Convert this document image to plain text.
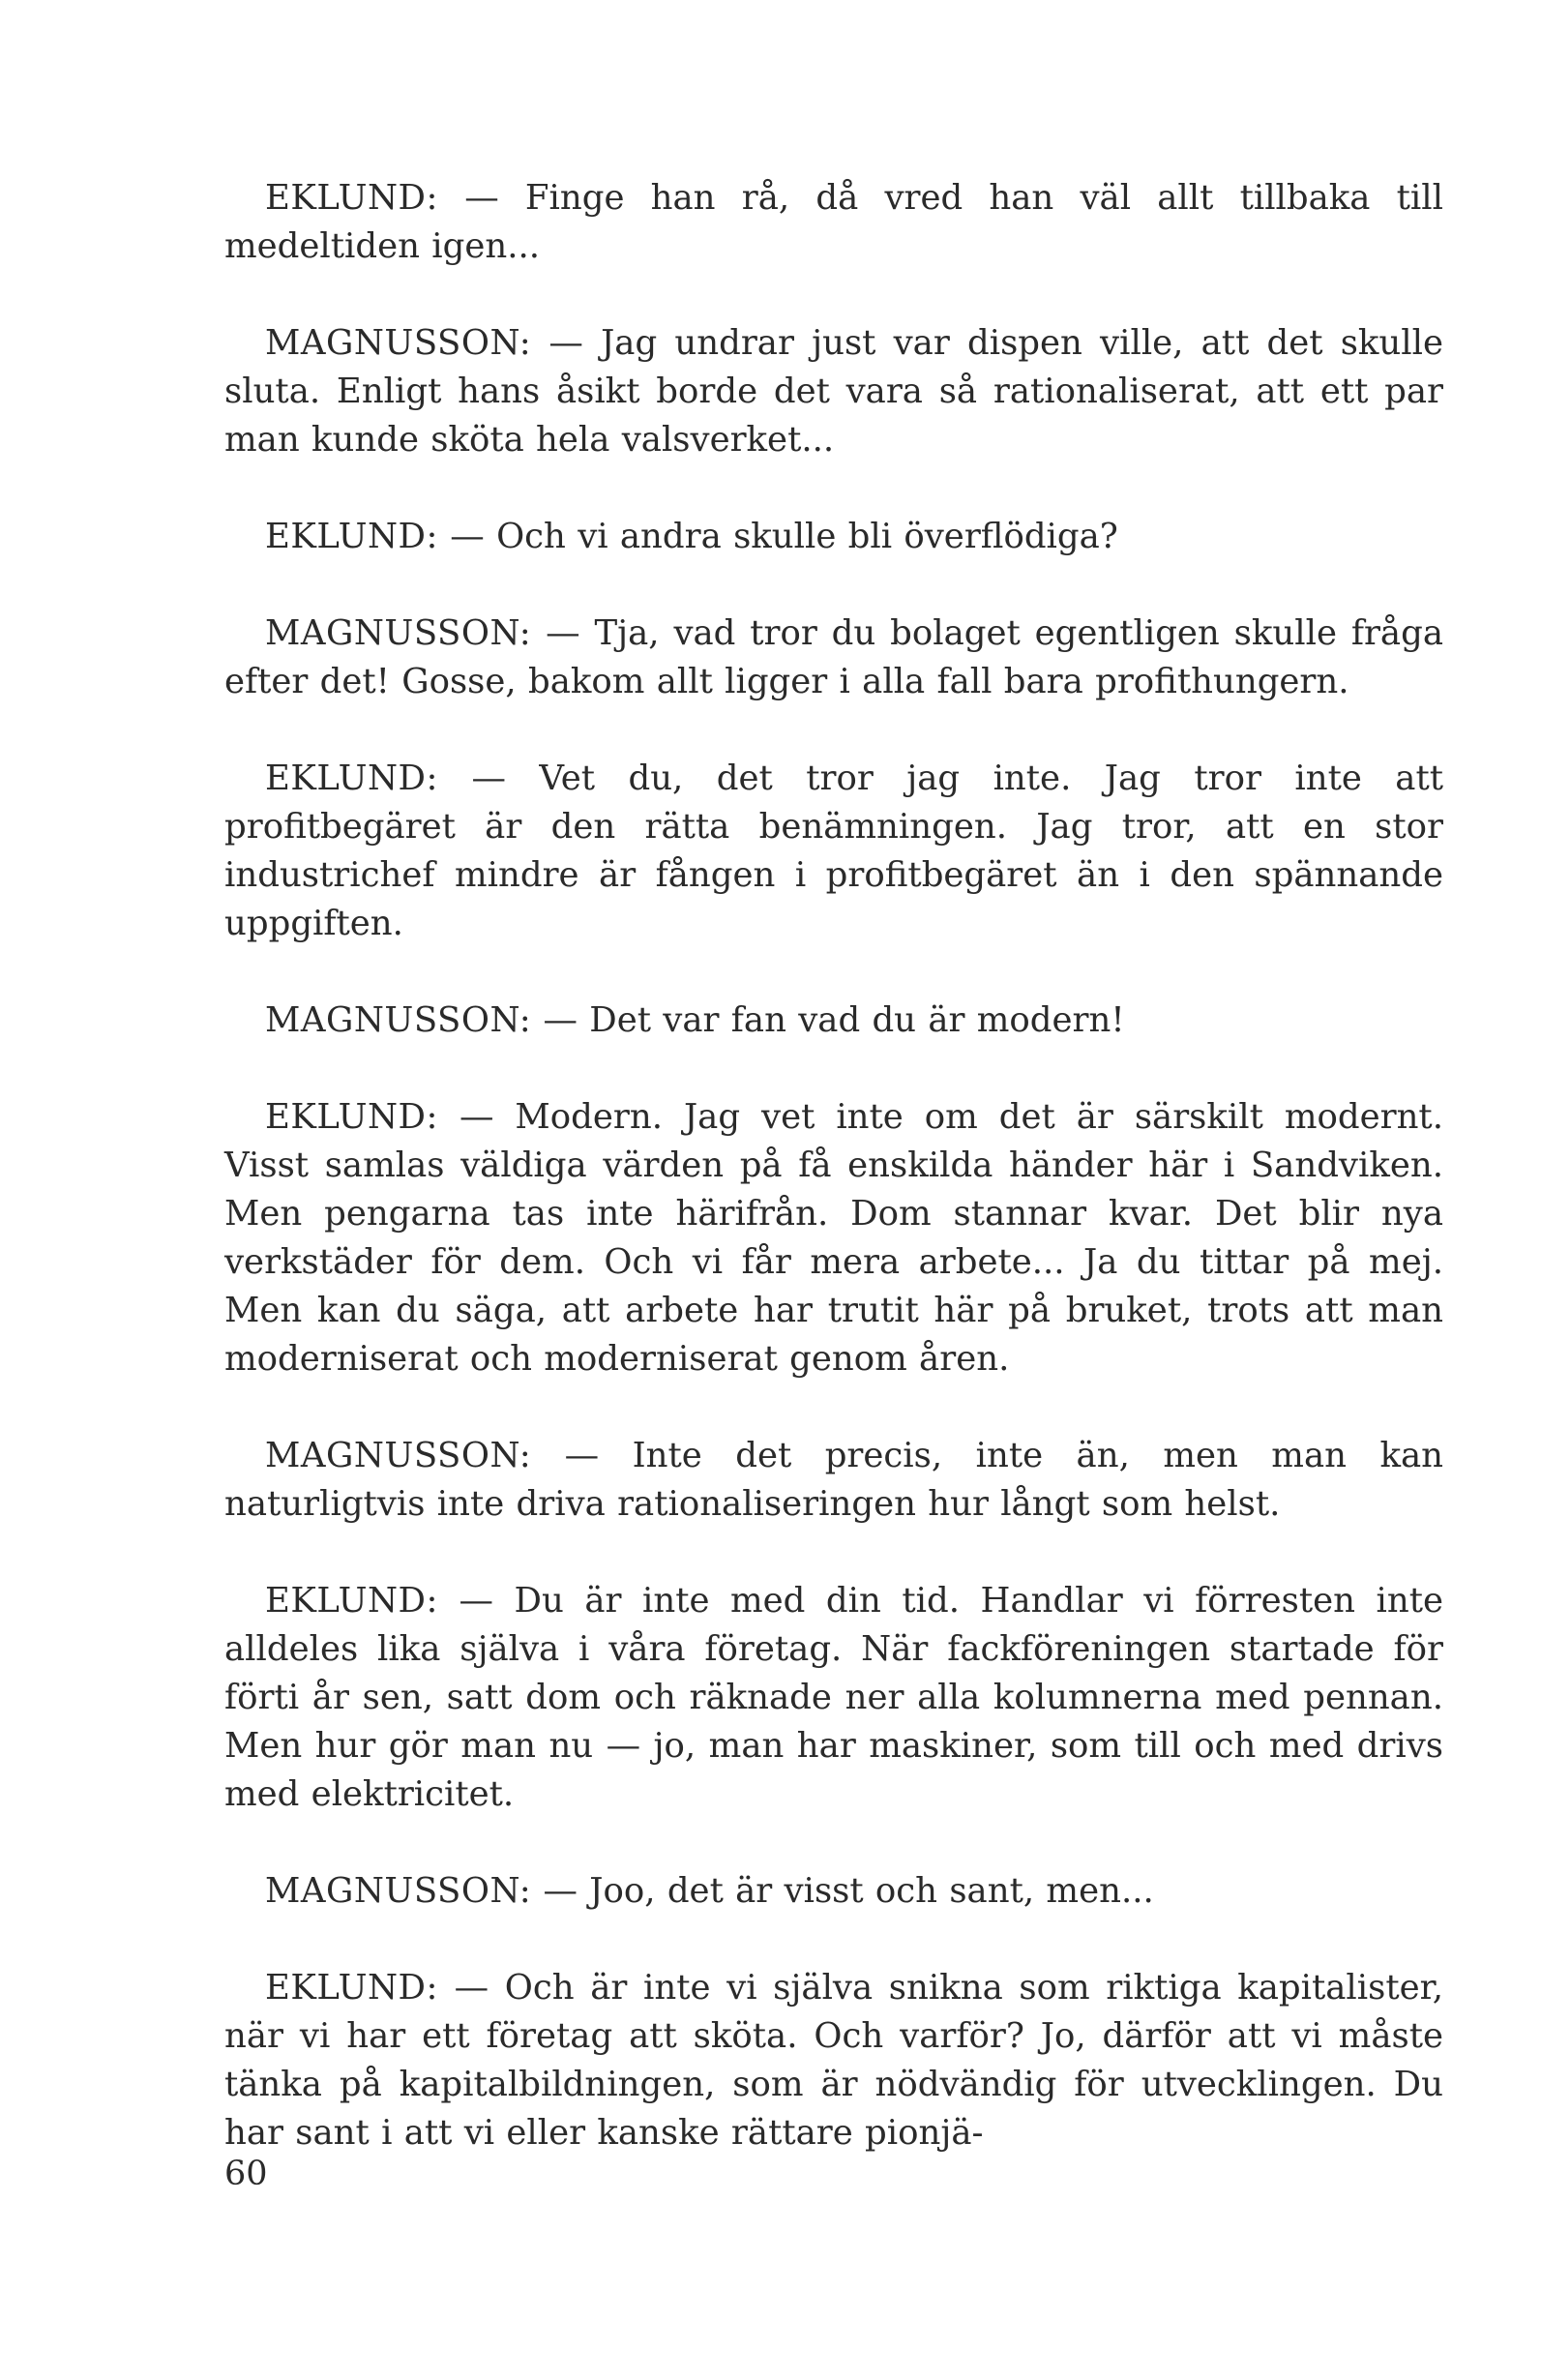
EKLUND: — Finge han rå, då vred han väl allt tillbaka till medeltiden igen...

MAGNUSSON: — Jag undrar just var dispen ville, att det skulle sluta. Enligt hans åsikt borde det vara så rationaliserat, att ett par man kunde sköta hela valsverket...

EKLUND: — Och vi andra skulle bli överflödiga?

MAGNUSSON: — Tja, vad tror du bolaget egentligen skulle fråga efter det! Gosse, bakom allt ligger i alla fall bara profithungern.

EKLUND: — Vet du, det tror jag inte. Jag tror inte att profitbegäret är den rätta benämningen. Jag tror, att en stor industrichef mindre är fången i profitbegäret än i den spännande uppgiften.

MAGNUSSON: — Det var fan vad du är modern!

EKLUND: — Modern. Jag vet inte om det är särskilt modernt. Visst samlas väldiga värden på få enskilda händer här i Sandviken. Men pengarna tas inte härifrån. Dom stannar kvar. Det blir nya verkstäder för dem. Och vi får mera arbete... Ja du tittar på mej. Men kan du säga, att arbete har trutit här på bruket, trots att man moderniserat och moderniserat genom åren.

MAGNUSSON: — Inte det precis, inte än, men man kan naturligtvis inte driva rationaliseringen hur långt som helst.

EKLUND: — Du är inte med din tid. Handlar vi förresten inte alldeles lika själva i våra företag. När fackföreningen startade för förti år sen, satt dom och räknade ner alla kolumnerna med pennan. Men hur gör man nu — jo, man har maskiner, som till och med drivs med elektricitet.

MAGNUSSON: — Joo, det är visst och sant, men...

EKLUND: — Och är inte vi själva snikna som riktiga kapitalister, när vi har ett företag att sköta. Och varför? Jo, därför att vi måste tänka på kapitalbildningen, som är nödvändig för utvecklingen. Du har sant i att vi eller kanske rättare pionjä-

60
